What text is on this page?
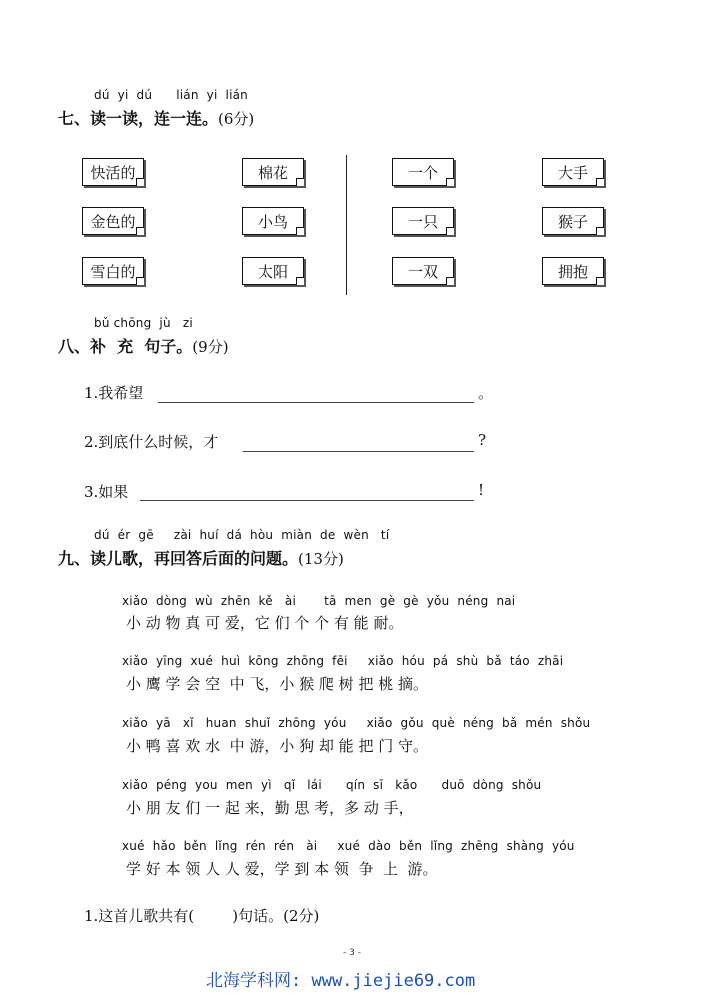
dú  yi  dú      lián  yi  lián
七、读一读，连一连。(6分)
快活的
金色的
雪白的
棉花
小鸟
太阳
一个
一只
一双
大手
猴子
拥抱
bǔ chōng  jù   zi
八、补  充  句子。(9分)
1.我希望	。
2.到底什么时候，才	?
3.如果	!
dú  ér  gē     zài  huí  dá  hòu  miàn  de  wèn   tí
九、读儿歌，再回答后面的问题。(13分)
xiǎo  dòng  wù  zhēn  kě   ài       tā  men  gè  gè  yǒu  néng  nai
小 动 物 真 可 爱，它 们 个 个 有 能 耐。
xiǎo  yīng  xué  huì  kōng  zhōng  fēi     xiǎo  hóu  pá  shù  bǎ  táo  zhāi
小 鹰 学 会 空  中 飞，小 猴 爬 树 把 桃 摘。
xiǎo  yā   xǐ   huan  shuǐ  zhōng  yóu     xiǎo  gǒu  què  néng  bǎ  mén  shǒu
小 鸭 喜 欢 水  中 游，小 狗 却 能 把 门 守。
xiǎo  péng  you  men  yì   qǐ   lái      qín  sī   kǎo      duō  dòng  shǒu
小 朋 友 们 一 起 来，勤 思 考，多 动 手，
xué  hǎo  běn  lǐng  rén  rén   ài     xué  dào  běn  lǐng  zhēng  shàng  yóu
学 好 本 领 人 人 爱，学 到 本 领  争  上  游。
1.这首儿歌共有(        )句话。(2分)
- 3 -
北海学科网: www.jiejie69.com
